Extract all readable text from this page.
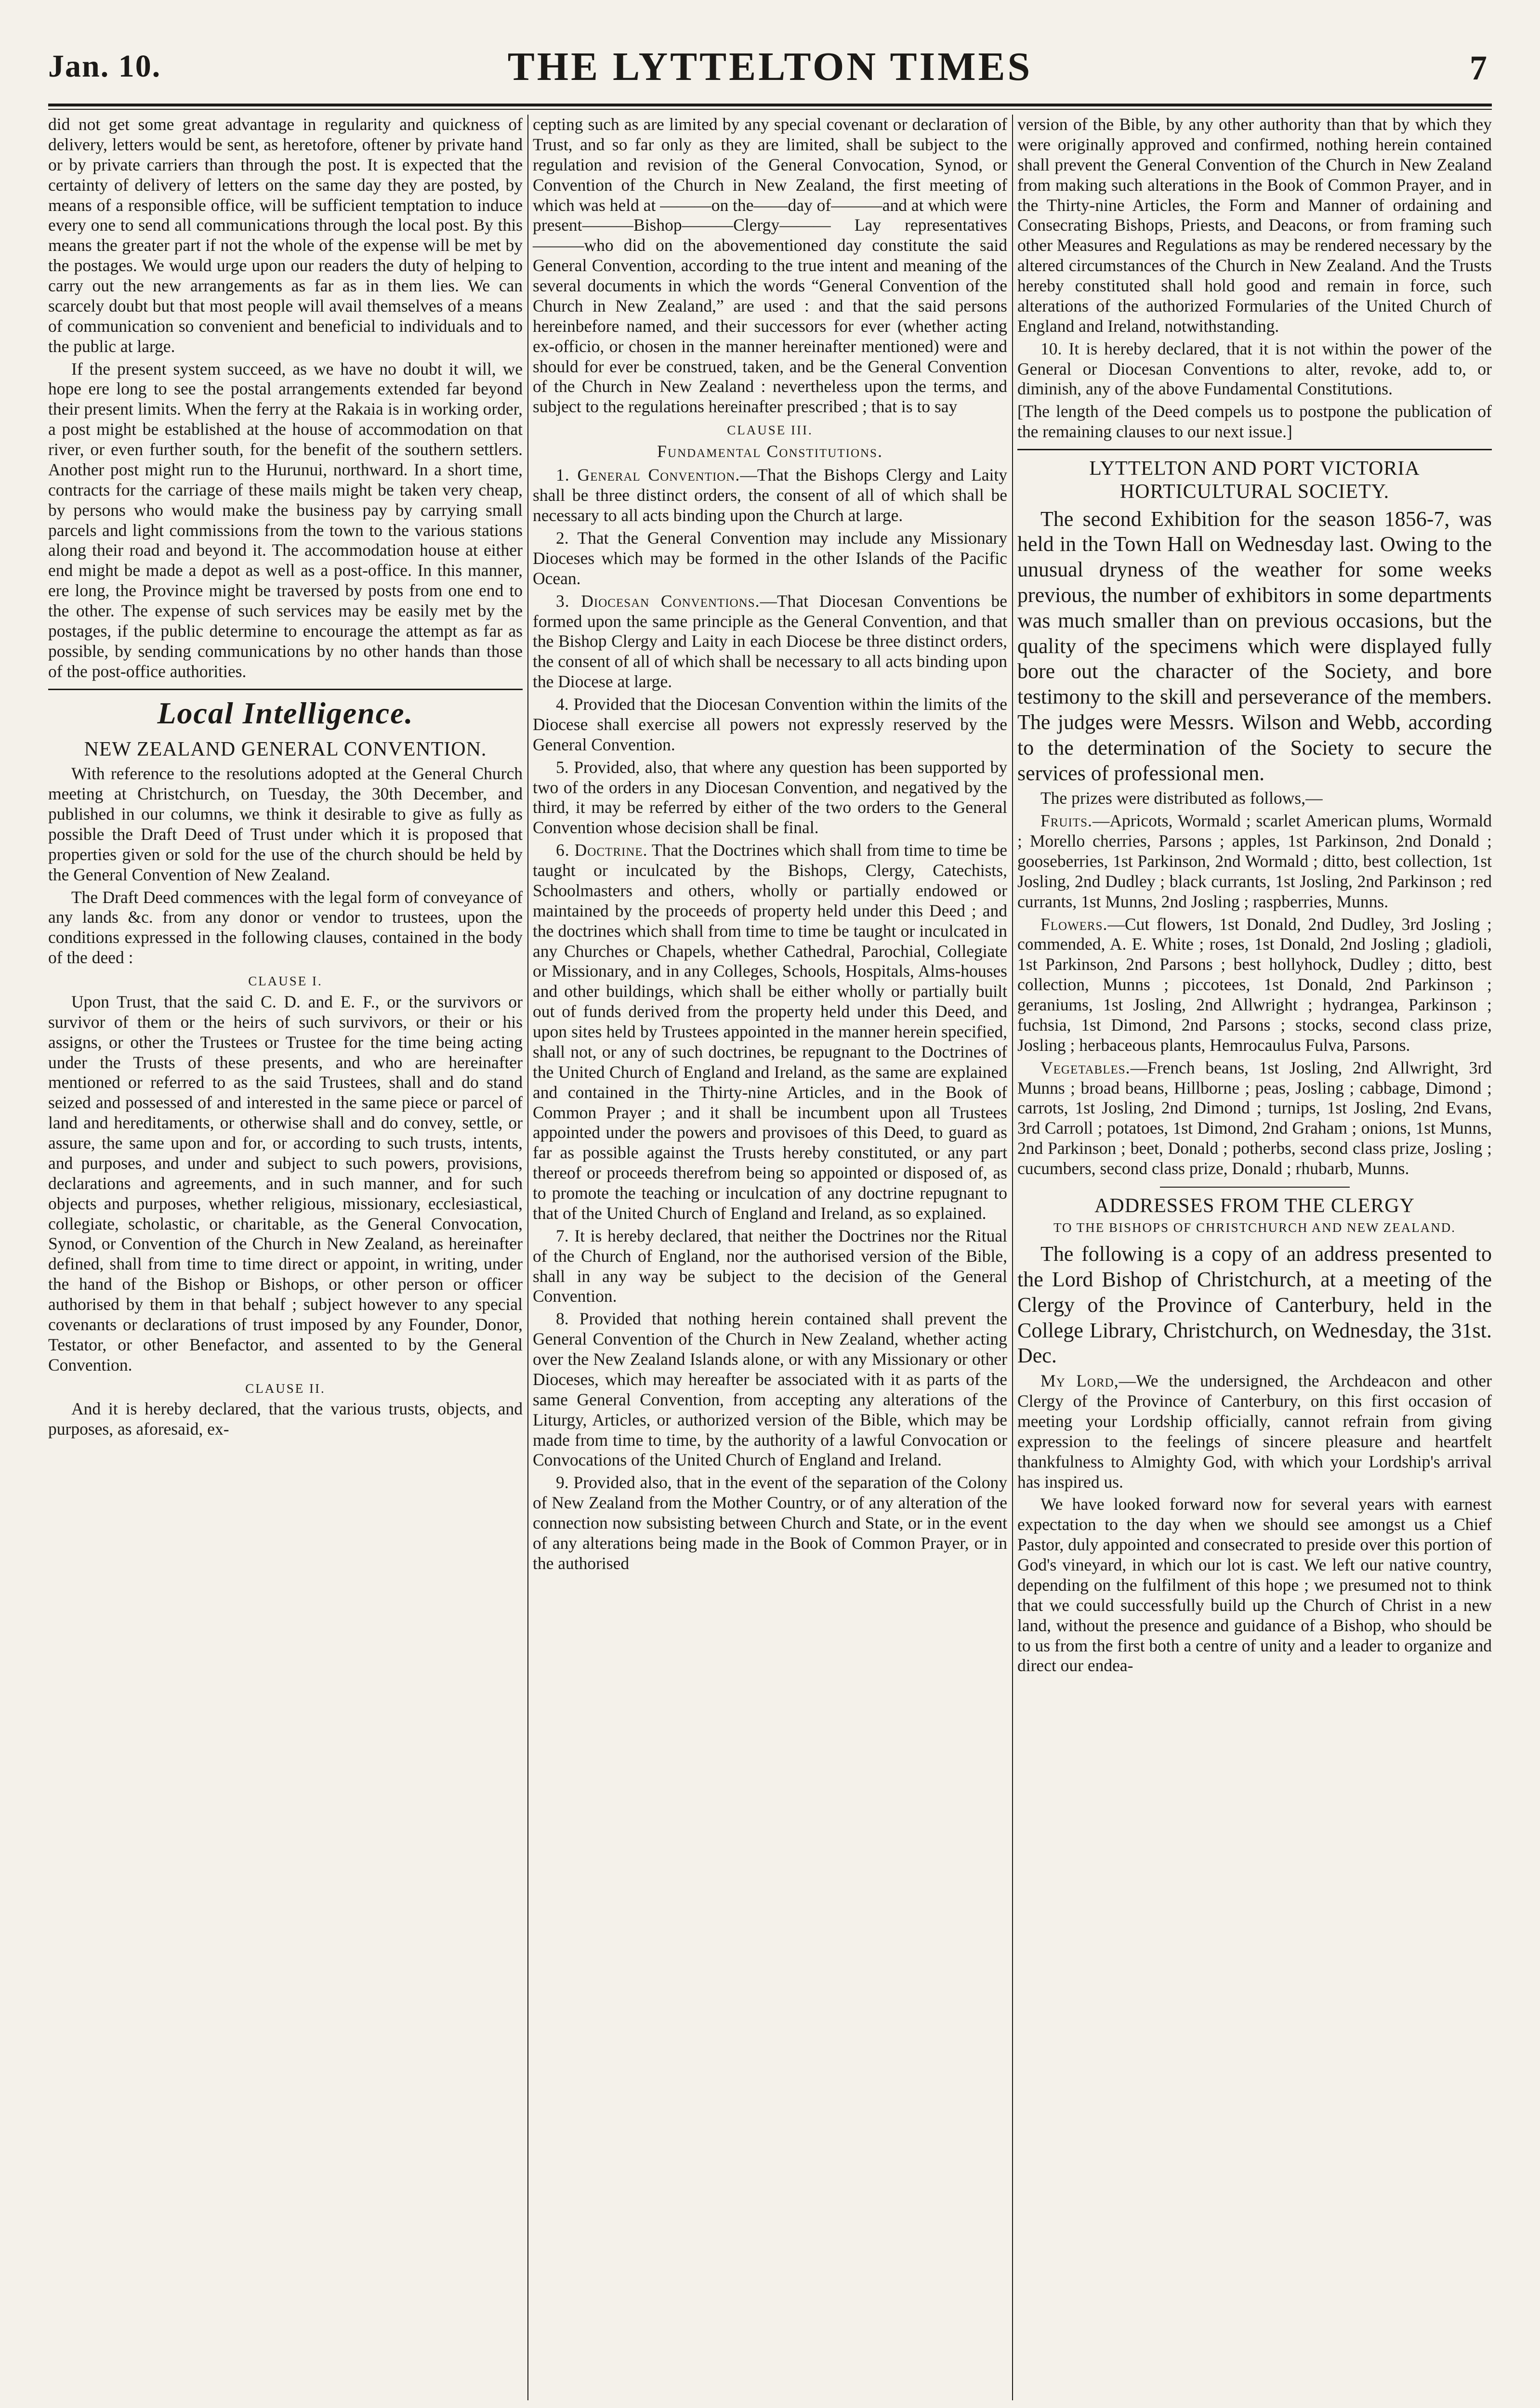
Jan. 10.	THE LYTTELTON TIMES	7

did not get some great advantage in regularity and quickness of delivery, letters would be sent, as heretofore, oftener by private hand or by private carriers than through the post. It is expected that the certainty of delivery of letters on the same day they are posted, by means of a responsible office, will be sufficient temptation to induce every one to send all communications through the local post. By this means the greater part if not the whole of the expense will be met by the postages. We would urge upon our readers the duty of helping to carry out the new arrangements as far as in them lies. We can scarcely doubt but that most people will avail themselves of a means of communication so convenient and beneficial to individuals and to the public at large.

If the present system succeed, as we have no doubt it will, we hope ere long to see the postal arrangements extended far beyond their present limits. When the ferry at the Rakaia is in working order, a post might be established at the house of accommodation on that river, or even further south, for the benefit of the southern settlers. Another post might run to the Hurunui, northward. In a short time, contracts for the carriage of these mails might be taken very cheap, by persons who would make the business pay by carrying small parcels and light commissions from the town to the various stations along their road and beyond it. The accommodation house at either end might be made a depot as well as a post-office. In this manner, ere long, the Province might be traversed by posts from one end to the other. The expense of such services may be easily met by the postages, if the public determine to encourage the attempt as far as possible, by sending communications by no other hands than those of the post-office authorities.

Local Intelligence.
NEW ZEALAND GENERAL CONVENTION.

With reference to the resolutions adopted at the General Church meeting at Christchurch, on Tuesday, the 30th December, and published in our columns, we think it desirable to give as fully as possible the Draft Deed of Trust under which it is proposed that properties given or sold for the use of the church should be held by the General Convention of New Zealand.

The Draft Deed commences with the legal form of conveyance of any lands &c. from any donor or vendor to trustees, upon the conditions expressed in the following clauses, contained in the body of the deed :

CLAUSE I.

Upon Trust, that the said C. D. and E. F., or the survivors or survivor of them or the heirs of such survivors, or their or his assigns, or other the Trustees or Trustee for the time being acting under the Trusts of these presents, and who are hereinafter mentioned or referred to as the said Trustees, shall and do stand seized and possessed of and interested in the same piece or parcel of land and hereditaments, or otherwise shall and do convey, settle, or assure, the same upon and for, or according to such trusts, intents, and purposes, and under and subject to such powers, provisions, declarations and agreements, and in such manner, and for such objects and purposes, whether religious, missionary, ecclesiastical, collegiate, scholastic, or charitable, as the General Convocation, Synod, or Convention of the Church in New Zealand, as hereinafter defined, shall from time to time direct or appoint, in writing, under the hand of the Bishop or Bishops, or other person or officer authorised by them in that behalf ; subject however to any special covenants or declarations of trust imposed by any Founder, Donor, Testator, or other Benefactor, and assented to by the General Convention.

CLAUSE II.

And it is hereby declared, that the various trusts, objects, and purposes, as aforesaid, ex-

cepting such as are limited by any special covenant or declaration of Trust, and so far only as they are limited, shall be subject to the regulation and revision of the General Convocation, Synod, or Convention of the Church in New Zealand, the first meeting of which was held at ———on the——day of———and at which were present———Bishop———Clergy——— Lay representatives———who did on the abovementioned day constitute the said General Convention, according to the true intent and meaning of the several documents in which the words “General Convention of the Church in New Zealand,” are used : and that the said persons hereinbefore named, and their successors for ever (whether acting ex-officio, or chosen in the manner hereinafter mentioned) were and should for ever be construed, taken, and be the General Convention of the Church in New Zealand : nevertheless upon the terms, and subject to the regulations hereinafter prescribed ; that is to say

CLAUSE III.
Fundamental Constitutions.

1. General Convention.—That the Bishops Clergy and Laity shall be three distinct orders, the consent of all of which shall be necessary to all acts binding upon the Church at large.

2. That the General Convention may include any Missionary Dioceses which may be formed in the other Islands of the Pacific Ocean.

3. Diocesan Conventions.—That Diocesan Conventions be formed upon the same principle as the General Convention, and that the Bishop Clergy and Laity in each Diocese be three distinct orders, the consent of all of which shall be necessary to all acts binding upon the Diocese at large.

4. Provided that the Diocesan Convention within the limits of the Diocese shall exercise all powers not expressly reserved by the General Convention.

5. Provided, also, that where any question has been supported by two of the orders in any Diocesan Convention, and negatived by the third, it may be referred by either of the two orders to the General Convention whose decision shall be final.

6. Doctrine. That the Doctrines which shall from time to time be taught or inculcated by the Bishops, Clergy, Catechists, Schoolmasters and others, wholly or partially endowed or maintained by the proceeds of property held under this Deed ; and the doctrines which shall from time to time be taught or inculcated in any Churches or Chapels, whether Cathedral, Parochial, Collegiate or Missionary, and in any Colleges, Schools, Hospitals, Alms-houses and other buildings, which shall be either wholly or partially built out of funds derived from the property held under this Deed, and upon sites held by Trustees appointed in the manner herein specified, shall not, or any of such doctrines, be repugnant to the Doctrines of the United Church of England and Ireland, as the same are explained and contained in the Thirty-nine Articles, and in the Book of Common Prayer ; and it shall be incumbent upon all Trustees appointed under the powers and provisoes of this Deed, to guard as far as possible against the Trusts hereby constituted, or any part thereof or proceeds therefrom being so appointed or disposed of, as to promote the teaching or inculcation of any doctrine repugnant to that of the United Church of England and Ireland, as so explained.

7. It is hereby declared, that neither the Doctrines nor the Ritual of the Church of England, nor the authorised version of the Bible, shall in any way be subject to the decision of the General Convention.

8. Provided that nothing herein contained shall prevent the General Convention of the Church in New Zealand, whether acting over the New Zealand Islands alone, or with any Missionary or other Dioceses, which may hereafter be associated with it as parts of the same General Convention, from accepting any alterations of the Liturgy, Articles, or authorized version of the Bible, which may be made from time to time, by the authority of a lawful Convocation or Convocations of the United Church of England and Ireland.

9. Provided also, that in the event of the separation of the Colony of New Zealand from the Mother Country, or of any alteration of the connection now subsisting between Church and State, or in the event of any alterations being made in the Book of Common Prayer, or in the authorised

version of the Bible, by any other authority than that by which they were originally approved and confirmed, nothing herein contained shall prevent the General Convention of the Church in New Zealand from making such alterations in the Book of Common Prayer, and in the Thirty-nine Articles, the Form and Manner of ordaining and Consecrating Bishops, Priests, and Deacons, or from framing such other Measures and Regulations as may be rendered necessary by the altered circumstances of the Church in New Zealand. And the Trusts hereby constituted shall hold good and remain in force, such alterations of the authorized Formularies of the United Church of England and Ireland, notwithstanding.

10. It is hereby declared, that it is not within the power of the General or Diocesan Conventions to alter, revoke, add to, or diminish, any of the above Fundamental Constitutions.

[The length of the Deed compels us to postpone the publication of the remaining clauses to our next issue.]

LYTTELTON AND PORT VICTORIA HORTICULTURAL SOCIETY.

The second Exhibition for the season 1856-7, was held in the Town Hall on Wednesday last. Owing to the unusual dryness of the weather for some weeks previous, the number of exhibitors in some departments was much smaller than on previous occasions, but the quality of the specimens which were displayed fully bore out the character of the Society, and bore testimony to the skill and perseverance of the members. The judges were Messrs. Wilson and Webb, according to the determination of the Society to secure the services of professional men.

The prizes were distributed as follows,—

Fruits.—Apricots, Wormald ; scarlet American plums, Wormald ; Morello cherries, Parsons ; apples, 1st Parkinson, 2nd Donald ; gooseberries, 1st Parkinson, 2nd Wormald ; ditto, best collection, 1st Josling, 2nd Dudley ; black currants, 1st Josling, 2nd Parkinson ; red currants, 1st Munns, 2nd Josling ; raspberries, Munns.

Flowers.—Cut flowers, 1st Donald, 2nd Dudley, 3rd Josling ; commended, A. E. White ; roses, 1st Donald, 2nd Josling ; gladioli, 1st Parkinson, 2nd Parsons ; best hollyhock, Dudley ; ditto, best collection, Munns ; piccotees, 1st Donald, 2nd Parkinson ; geraniums, 1st Josling, 2nd Allwright ; hydrangea, Parkinson ; fuchsia, 1st Dimond, 2nd Parsons ; stocks, second class prize, Josling ; herbaceous plants, Hemrocaulus Fulva, Parsons.

Vegetables.—French beans, 1st Josling, 2nd Allwright, 3rd Munns ; broad beans, Hillborne ; peas, Josling ; cabbage, Dimond ; carrots, 1st Josling, 2nd Dimond ; turnips, 1st Josling, 2nd Evans, 3rd Carroll ; potatoes, 1st Dimond, 2nd Graham ; onions, 1st Munns, 2nd Parkinson ; beet, Donald ; potherbs, second class prize, Josling ; cucumbers, second class prize, Donald ; rhubarb, Munns.

ADDRESSES FROM THE CLERGY
TO THE BISHOPS OF CHRISTCHURCH AND NEW ZEALAND.

The following is a copy of an address presented to the Lord Bishop of Christchurch, at a meeting of the Clergy of the Province of Canterbury, held in the College Library, Christchurch, on Wednesday, the 31st. Dec.

My Lord,—We the undersigned, the Archdeacon and other Clergy of the Province of Canterbury, on this first occasion of meeting your Lordship officially, cannot refrain from giving expression to the feelings of sincere pleasure and heartfelt thankfulness to Almighty God, with which your Lordship's arrival has inspired us.

We have looked forward now for several years with earnest expectation to the day when we should see amongst us a Chief Pastor, duly appointed and consecrated to preside over this portion of God's vineyard, in which our lot is cast. We left our native country, depending on the fulfilment of this hope ; we presumed not to think that we could successfully build up the Church of Christ in a new land, without the presence and guidance of a Bishop, who should be to us from the first both a centre of unity and a leader to organize and direct our endea-
